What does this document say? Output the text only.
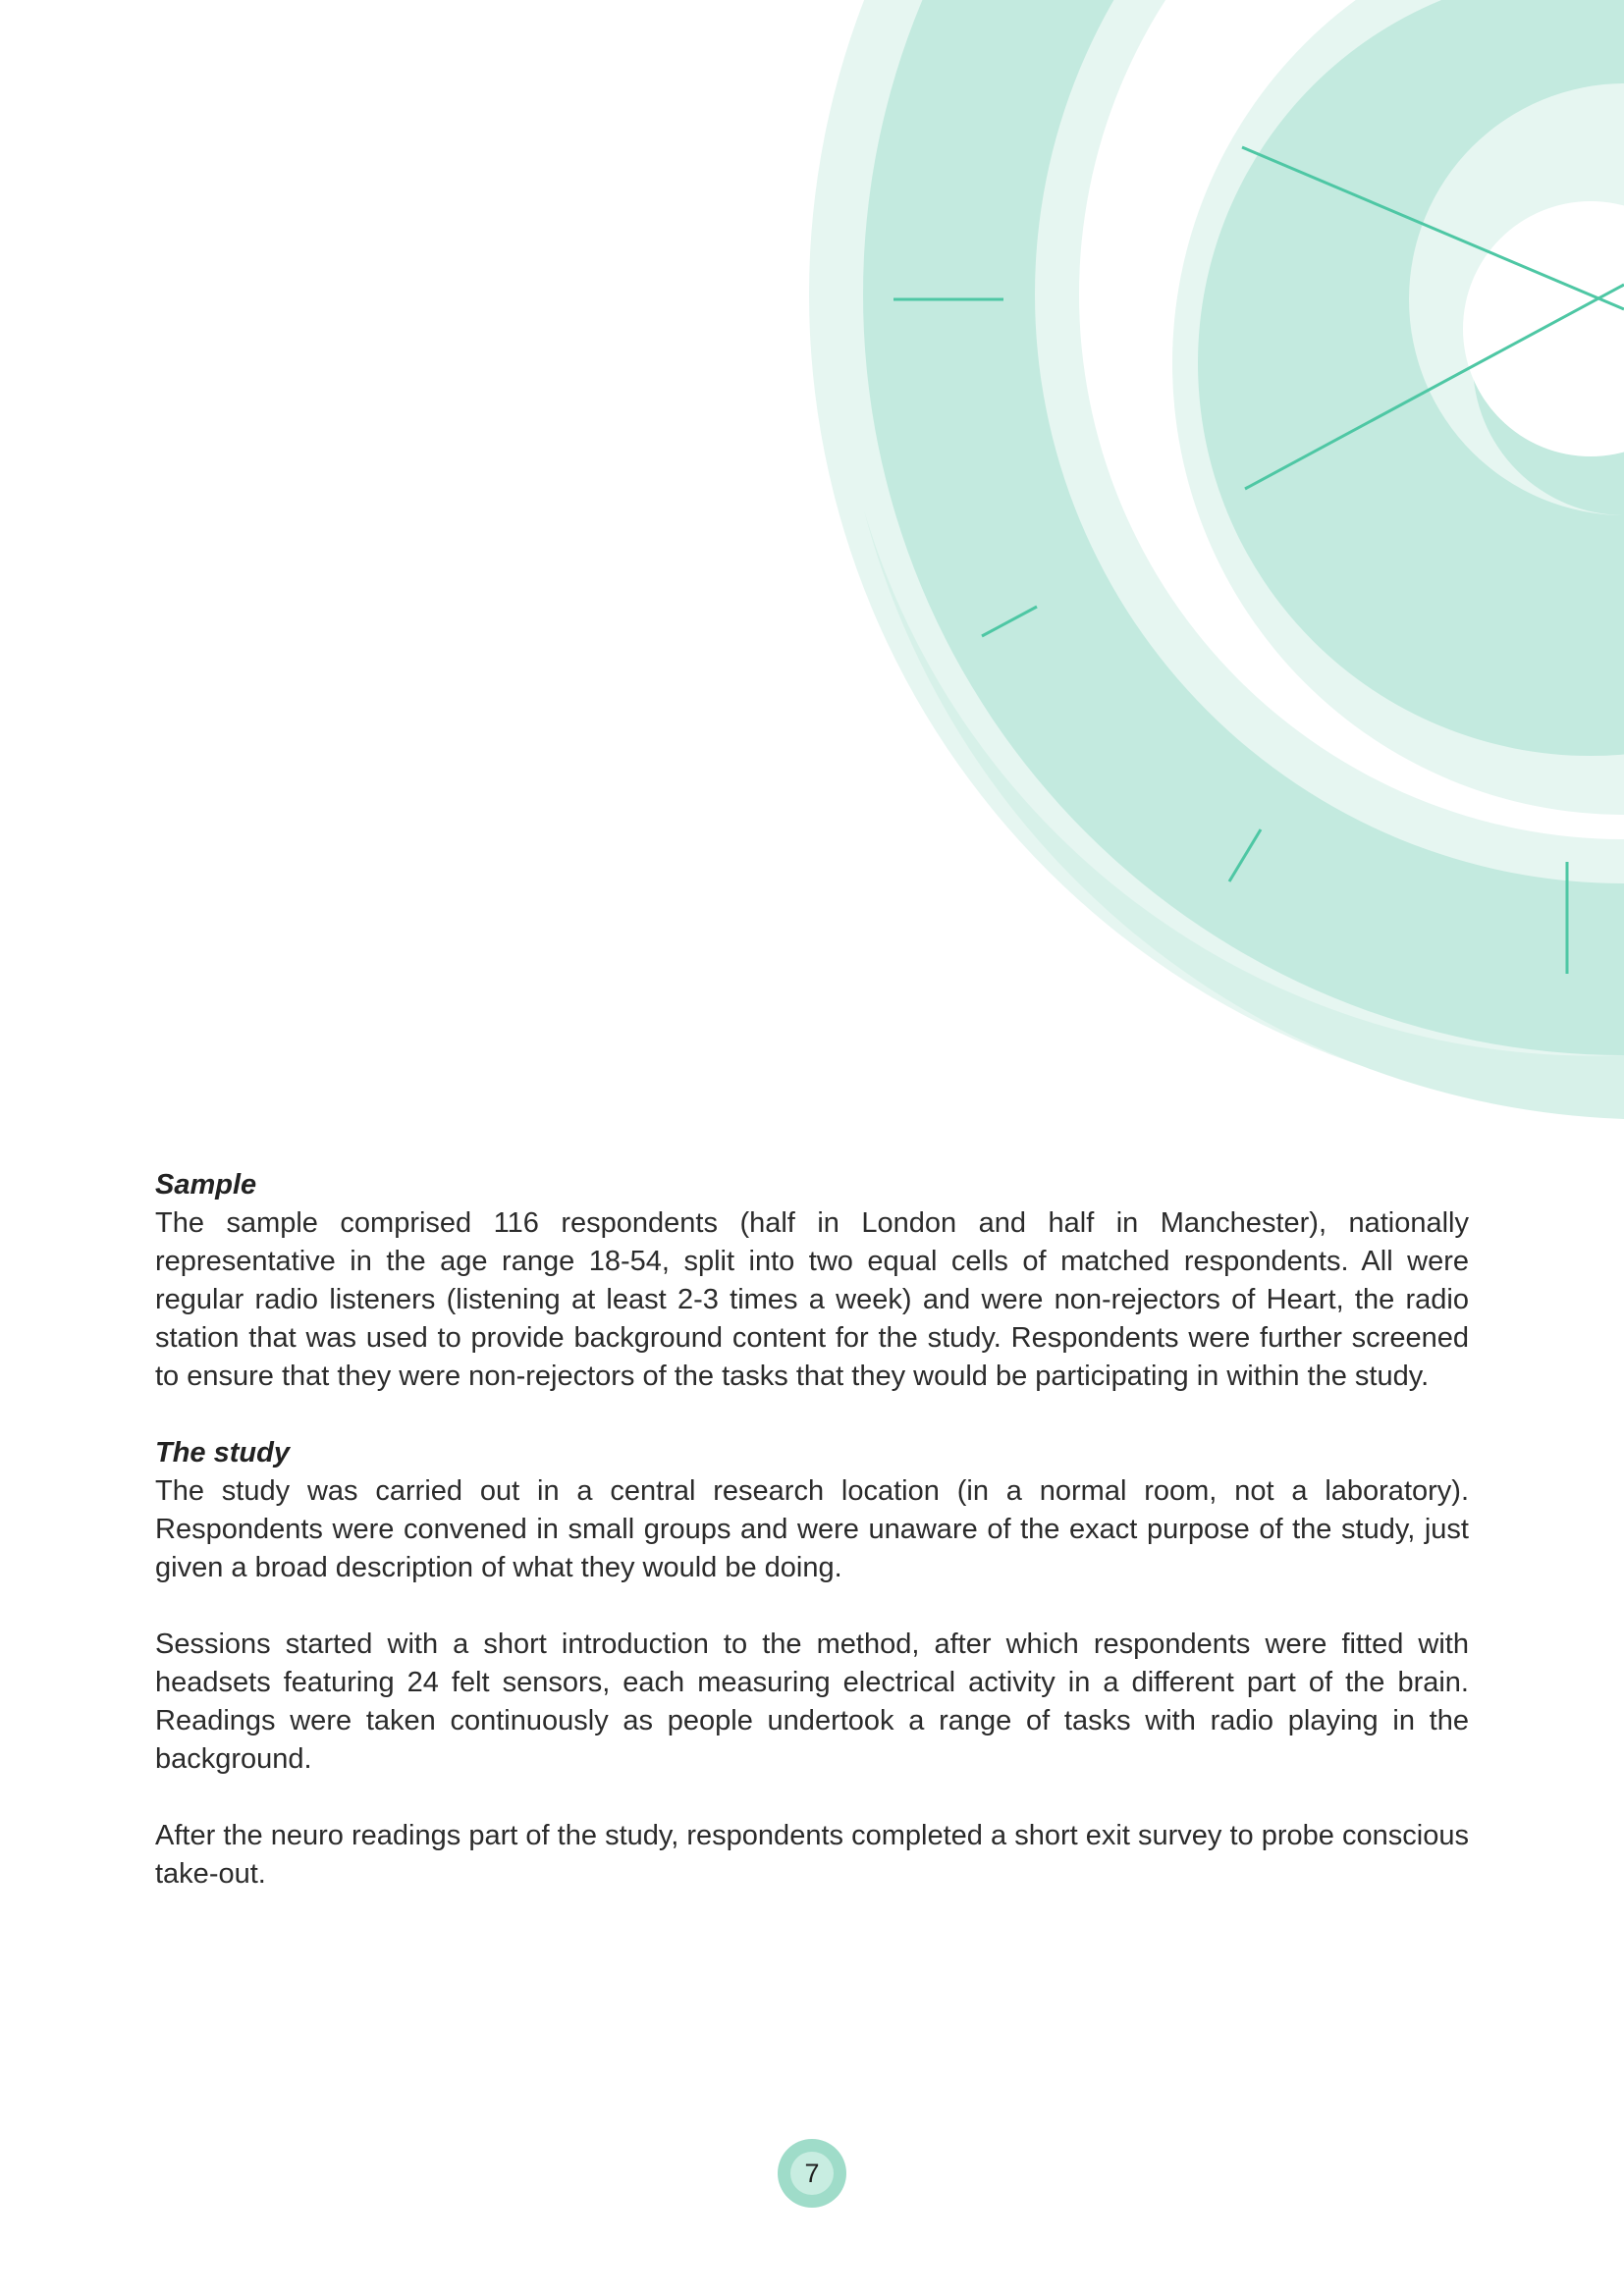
Sample

The sample comprised 116 respondents (half in London and half in Manchester), nationally representative in the age range 18-54, split into two equal cells of matched respondents. All were regular radio listeners (listening at least 2-3 times a week) and were non-rejectors of Heart, the radio station that was used to provide background content for the study. Respondents were further screened to ensure that they were non-rejectors of the tasks that they would be participating in within the study.

The study

The study was carried out in a central research location (in a normal room, not a laboratory). Respondents were convened in small groups and were unaware of the exact purpose of the study, just given a broad description of what they would be doing.

Sessions started with a short introduction to the method, after which respondents were fitted with headsets featuring 24 felt sensors, each measuring electrical activity in a different part of the brain. Readings were taken continuously as people undertook a range of tasks with radio playing in the background.

After the neuro readings part of the study, respondents completed a short exit survey to probe conscious take-out.

7
